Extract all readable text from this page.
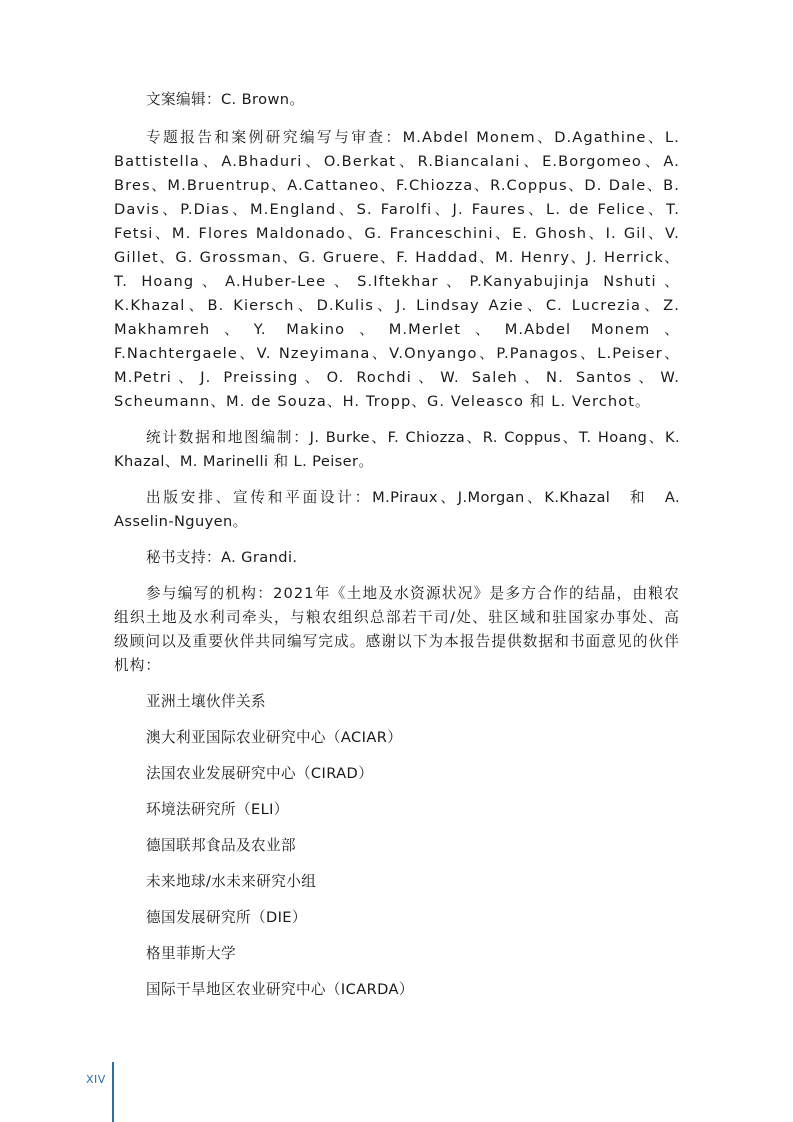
文案编辑：C. Brown。

专题报告和案例研究编写与审查：M.Abdel Monem、D.Agathine、L. Battistella、A.Bhaduri、O.Berkat、R.Biancalani、E.Borgomeo、A. Bres、M.Bruentrup、A.Cattaneo、F.Chiozza、R.Coppus、D. Dale、B. Davis、P.Dias、M.England、S. Farolfi、J. Faures、L. de Felice、T. Fetsi、M. Flores Maldonado、G. Franceschini、E. Ghosh、I. Gil、V. Gillet、G. Grossman、G. Gruere、F. Haddad、M. Henry、J. Herrick、T. Hoang、A.Huber-Lee、S.Iftekhar、P.Kanyabujinja Nshuti、K.Khazal、B. Kiersch、D.Kulis、J. Lindsay Azie、C. Lucrezia、Z. Makhamreh、Y. Makino、M.Merlet、M.Abdel Monem、F.Nachtergaele、V. Nzeyimana、V.Onyango、P.Panagos、L.Peiser、M.Petri、J. Preissing、O. Rochdi、W. Saleh、N. Santos、W. Scheumann、M. de Souza、H. Tropp、G. Veleasco 和 L. Verchot。

统计数据和地图编制：J. Burke、F. Chiozza、R. Coppus、T. Hoang、K. Khazal、M. Marinelli 和 L. Peiser。

出版安排、宣传和平面设计：M.Piraux、J.Morgan、K.Khazal　和　A. Asselin-Nguyen。

秘书支持：A. Grandi.

参与编写的机构：2021年《土地及水资源状况》是多方合作的结晶，由粮农组织土地及水利司牵头，与粮农组织总部若干司/处、驻区域和驻国家办事处、高级顾问以及重要伙伴共同编写完成。感谢以下为本报告提供数据和书面意见的伙伴机构：

亚洲土壤伙伴关系

澳大利亚国际农业研究中心（ACIAR）

法国农业发展研究中心（CIRAD）

环境法研究所（ELI）

德国联邦食品及农业部

未来地球/水未来研究小组

德国发展研究所（DIE）

格里菲斯大学

国际干旱地区农业研究中心（ICARDA）

XIV
